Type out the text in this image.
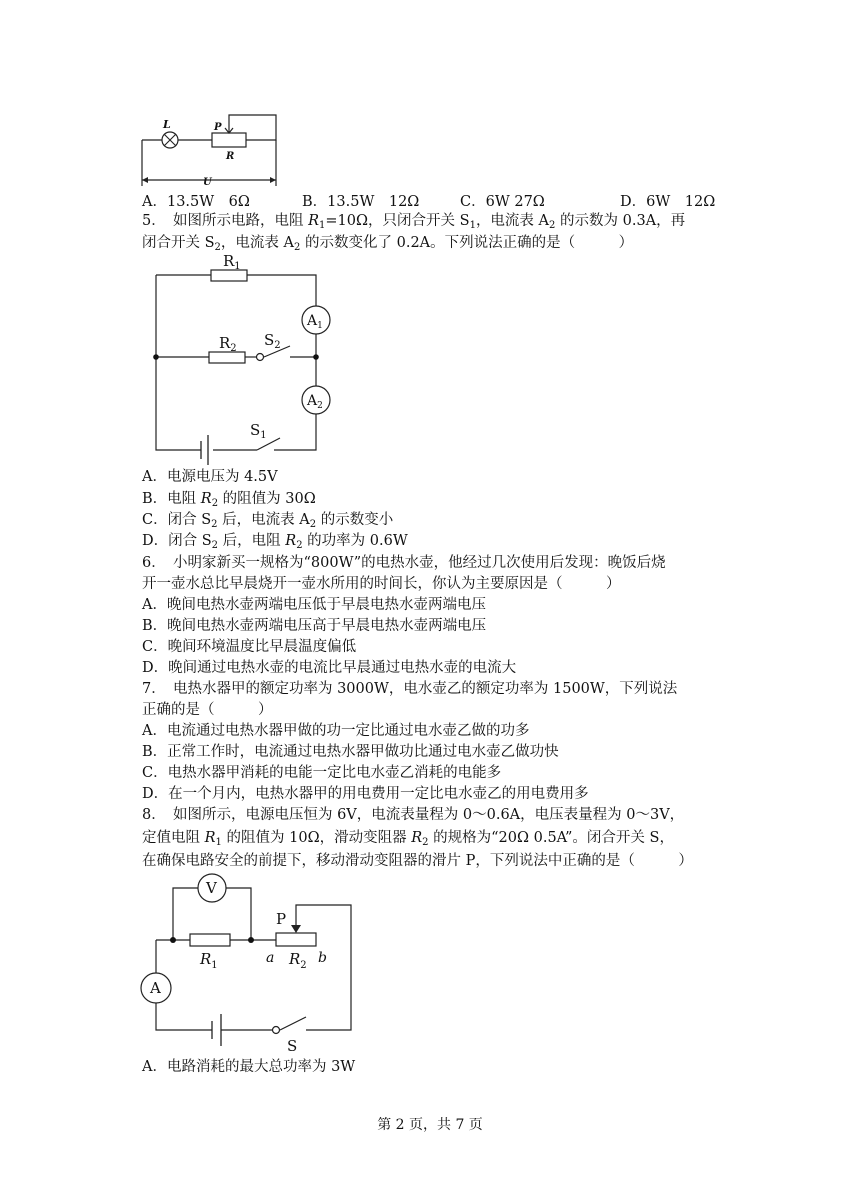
L	P
R
U
A．13.5W　6Ω	B．13.5W　12Ω	C．6W 27Ω	D．6W　12Ω
5．　如图所示电路，电阻 $R_1=10\Omega$，只闭合开关 $S_1$，电流表 $A_2$ 的示数为 0.3A，再
闭合开关 $S_2$，电流表 $A_2$ 的示数变化了 0.2A。下列说法正确的是（　　　）
$A_1$
$A_2$
$R_1$
$R_2$ $S_2$
$S_1$
A．电源电压为 4.5V
B．电阻 $R_2$ 的阻值为 30Ω
C．闭合 $S_2$ 后，电流表 $A_2$ 的示数变小
D．闭合 $S_2$ 后，电阻 $R_2$ 的功率为 0.6W
6．　小明家新买一规格为“800W”的电热水壶，他经过几次使用后发现：晚饭后烧
开一壶水总比早晨烧开一壶水所用的时间长，你认为主要原因是（　　　）
A．晚间电热水壶两端电压低于早晨电热水壶两端电压
B．晚间电热水壶两端电压高于早晨电热水壶两端电压
C．晚间环境温度比早晨温度偏低
D．晚间通过电热水壶的电流比早晨通过电热水壶的电流大
7．　电热水器甲的额定功率为 3000W，电水壶乙的额定功率为 1500W，下列说法
正确的是（　　　）
A．电流通过电热水器甲做的功一定比通过电水壶乙做的功多
B．正常工作时，电流通过电热水器甲做功比通过电水壶乙做功快
C．电热水器甲消耗的电能一定比电水壶乙消耗的电能多
D．在一个月内，电热水器甲的用电费用一定比电水壶乙的用电费用多
8．　如图所示，电源电压恒为 6V，电流表量程为 0～0.6A，电压表量程为 0～3V，
定值电阻 $R_1$ 的阻值为 10Ω，滑动变阻器 $R_2$ 的规格为“20Ω 0.5A”。闭合开关 S，
在确保电路安全的前提下，移动滑动变阻器的滑片 P，下列说法中正确的是（　　　）
V
A
P
$R_1$	a $R_2$ b
S
A．电路消耗的最大总功率为 3W
第 2 页，共 7 页
